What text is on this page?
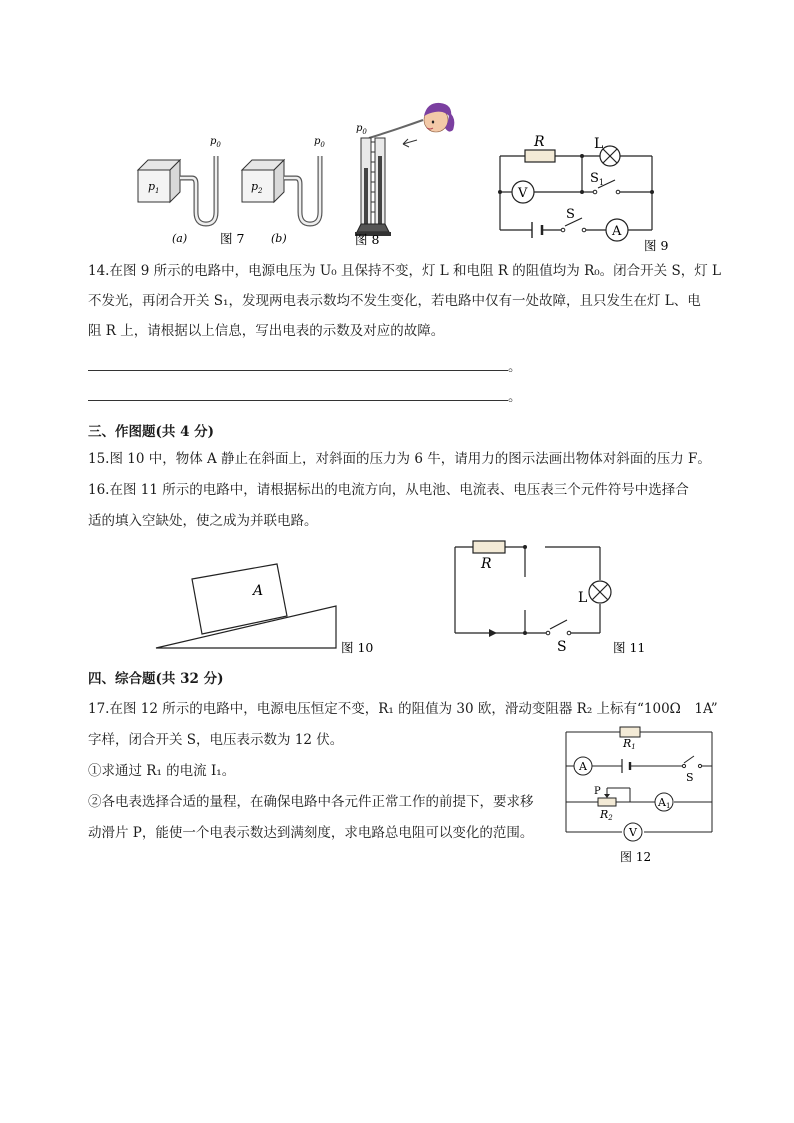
$p_1$
$p_0$
$p_2$
$p_0$
(a)	图 7 (b)
$p_0$
图 8
R	L
V
$S_1$
S
A
图 9
14.在图 9 所示的电路中，电源电压为 U₀ 且保持不变，灯 L 和电阻 R 的阻值均为 R₀。闭合开关 S，灯 L
不发光，再闭合开关 S₁，发现两电表示数均不发生变化，若电路中仅有一处故障，且只发生在灯 L、电
阻 R 上，请根据以上信息，写出电表的示数及对应的故障。
。
。
三、作图题(共 4 分)
15.图 10 中，物体 A 静止在斜面上，对斜面的压力为 6 牛，请用力的图示法画出物体对斜面的压力 F。
16.在图 11 所示的电路中，请根据标出的电流方向，从电池、电流表、电压表三个元件符号中选择合
适的填入空缺处，使之成为并联电路。
A
图 10
R
L
S	图 11
四、综合题(共 32 分)
17.在图 12 所示的电路中，电源电压恒定不变，R₁ 的阻值为 30 欧，滑动变阻器 R₂ 上标有“100Ω　1A”
字样，闭合开关 S，电压表示数为 12 伏。
①求通过 R₁ 的电流 I₁。
②各电表选择合适的量程，在确保电路中各元件正常工作的前提下，要求移
动滑片 P，能使一个电表示数达到满刻度，求电路总电阻可以变化的范围。
R1
A
S
P
R2
A1
V
图 12
